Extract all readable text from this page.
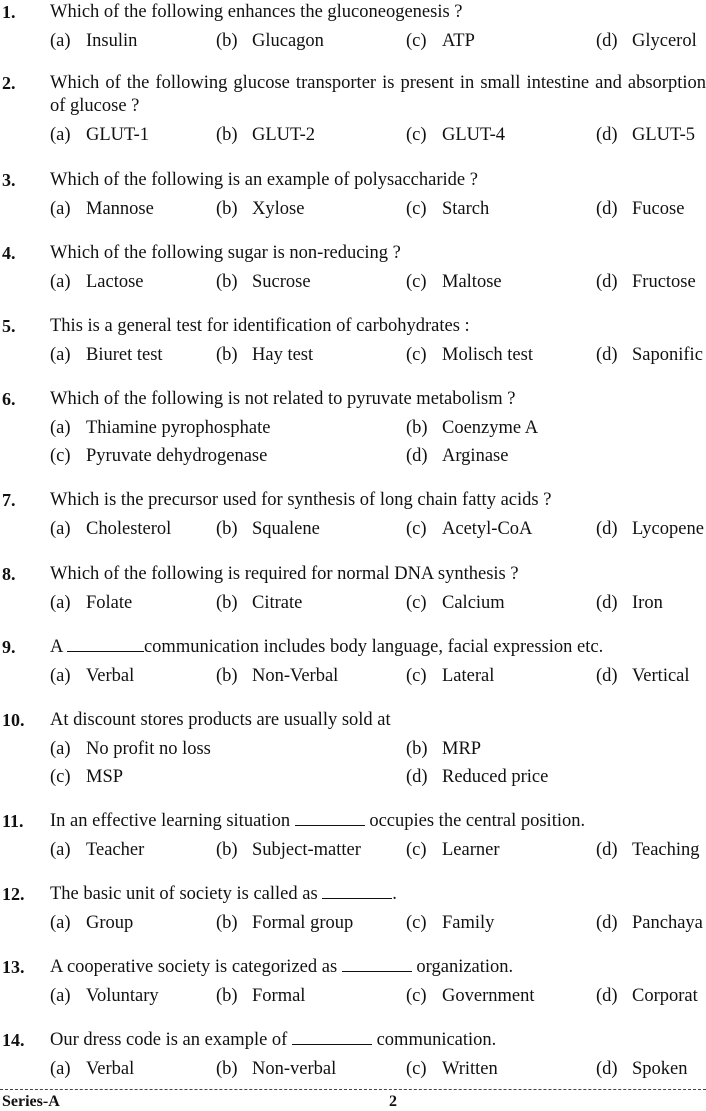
1. Which of the following enhances the gluconeogenesis ?
(a) Insulin	(b) Glucagon	(c) ATP	(d) Glycerol
2. Which of the following glucose transporter is present in small intestine and absorption of glucose ?
(a) GLUT-1	(b) GLUT-2	(c) GLUT-4	(d) GLUT-5
3. Which of the following is an example of polysaccharide ?
(a) Mannose	(b) Xylose	(c) Starch	(d) Fucose
4. Which of the following sugar is non-reducing ?
(a) Lactose	(b) Sucrose	(c) Maltose	(d) Fructose
5. This is a general test for identification of carbohydrates :
(a) Biuret test	(b) Hay test	(c) Molisch test	(d) Saponific
6. Which of the following is not related to pyruvate metabolism ?
(a) Thiamine pyrophosphate	(b) Coenzyme A
(c) Pyruvate dehydrogenase	(d) Arginase
7. Which is the precursor used for synthesis of long chain fatty acids ?
(a) Cholesterol (b) Squalene	(c) Acetyl-CoA	(d) Lycopene
8. Which of the following is required for normal DNA synthesis ?
(a) Folate	(b) Citrate	(c) Calcium	(d) Iron
9. A	communication includes body language, facial expression etc.
(a) Verbal	(b) Non-Verbal	(c) Lateral	(d) Vertical
10. At discount stores products are usually sold at
(a) No profit no loss	(b) MRP
(c) MSP	(d) Reduced price
11. In an effective learning situation	occupies the central position.
(a) Teacher	(b) Subject-matter (c) Learner	(d) Teaching
12. The basic unit of society is called as	.
(a) Group	(b) Formal group	(c) Family	(d) Panchaya
13. A cooperative society is categorized as	organization.
(a) Voluntary	(b) Formal	(c) Government	(d) Corporat
14. Our dress code is an example of	communication.
(a) Verbal	(b) Non-verbal	(c) Written	(d) Spoken
Series-A	2
